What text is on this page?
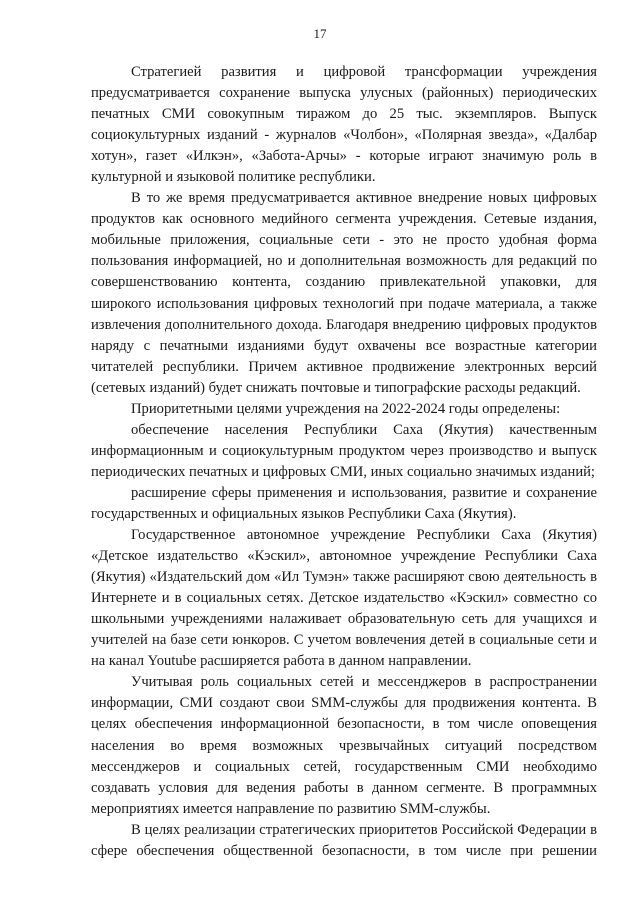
17

Стратегией развития и цифровой трансформации учреждения предусматривается сохранение выпуска улусных (районных) периодических печатных СМИ совокупным тиражом до 25 тыс. экземпляров. Выпуск социокультурных изданий - журналов «Чолбон», «Полярная звезда», «Далбар хотун», газет «Илкэн», «Забота-Арчы» - которые играют значимую роль в культурной и языковой политике республики.

В то же время предусматривается активное внедрение новых цифровых продуктов как основного медийного сегмента учреждения. Сетевые издания, мобильные приложения, социальные сети - это не просто удобная форма пользования информацией, но и дополнительная возможность для редакций по совершенствованию контента, созданию привлекательной упаковки, для широкого использования цифровых технологий при подаче материала, а также извлечения дополнительного дохода. Благодаря внедрению цифровых продуктов наряду с печатными изданиями будут охвачены все возрастные категории читателей республики. Причем активное продвижение электронных версий (сетевых изданий) будет снижать почтовые и типографские расходы редакций.

Приоритетными целями учреждения на 2022-2024 годы определены:

обеспечение населения Республики Саха (Якутия) качественным информационным и социокультурным продуктом через производство и выпуск периодических печатных и цифровых СМИ, иных социально значимых изданий;

расширение сферы применения и использования, развитие и сохранение государственных и официальных языков Республики Саха (Якутия).

Государственное автономное учреждение Республики Саха (Якутия) «Детское издательство «Кэскил», автономное учреждение Республики Саха (Якутия) «Издательский дом «Ил Тумэн» также расширяют свою деятельность в Интернете и в социальных сетях. Детское издательство «Кэскил» совместно со школьными учреждениями налаживает образовательную сеть для учащихся и учителей на базе сети юнкоров. С учетом вовлечения детей в социальные сети и на канал Youtube расширяется работа в данном направлении.

Учитывая роль социальных сетей и мессенджеров в распространении информации, СМИ создают свои SMM-службы для продвижения контента. В целях обеспечения информационной безопасности, в том числе оповещения населения во время возможных чрезвычайных ситуаций посредством мессенджеров и социальных сетей, государственным СМИ необходимо создавать условия для ведения работы в данном сегменте. В программных мероприятиях имеется направление по развитию SMM-службы.

В целях реализации стратегических приоритетов Российской Федерации в сфере обеспечения общественной безопасности, в том числе при решении
